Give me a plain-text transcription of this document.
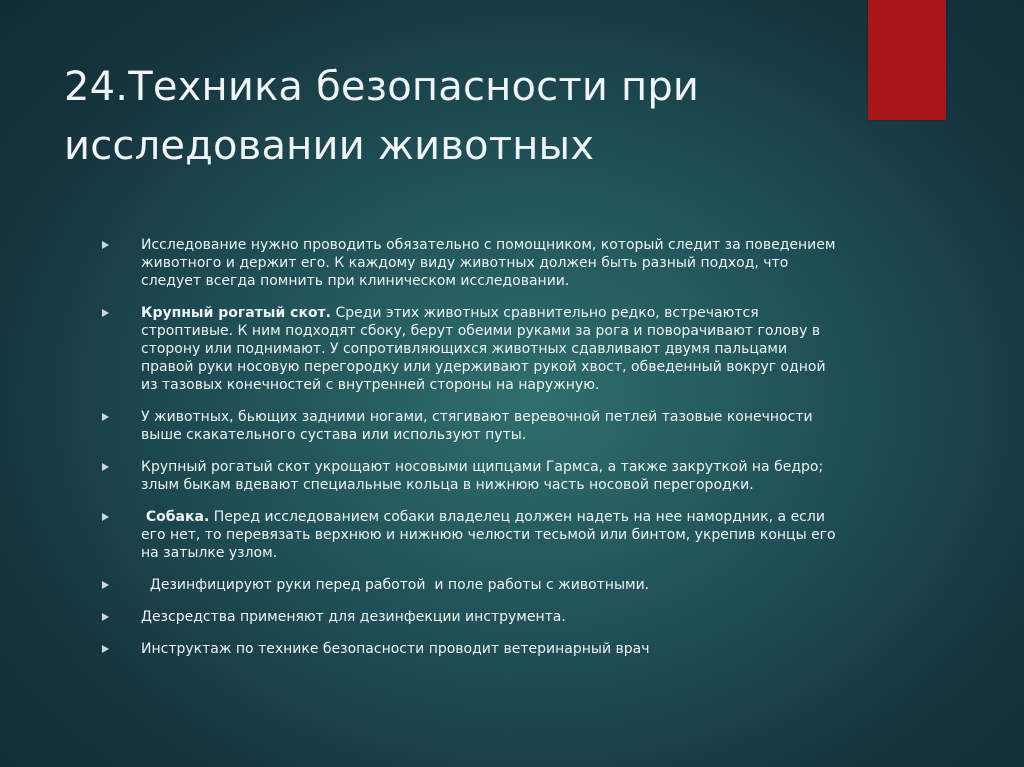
24.Техника безопасности при
исследовании животных
Исследование нужно проводить обязательно с помощником, который следит за поведением животного и держит его. К каждому виду животных должен быть разный подход, что следует всегда помнить при клиническом исследовании.
Крупный рогатый скот. Среди этих животных сравнительно редко, встречаются строптивые. К ним подходят сбоку, берут обеими руками за рога и поворачивают голову в сторону или поднимают. У сопротивляющихся животных сдавливают двумя пальцами правой руки носовую перегородку или удерживают рукой хвост, обведенный вокруг одной из тазовых конечностей с внутренней стороны на наружную.
У животных, бьющих задними ногами, стягивают веревочной петлей тазовые конечности выше скакательного сустава или используют путы.
Крупный рогатый скот укрощают носовыми щипцами Гармса, а также закруткой на бедро; злым быкам вдевают специальные кольца в нижнюю часть носовой перегородки.
Собака. Перед исследованием собаки владелец должен надеть на нее намордник, а если его нет, то перевязать верхнюю и нижнюю челюсти тесьмой или бинтом, укрепив концы его на затылке узлом.
Дезинфицируют руки перед работой  и поле работы с животными.
Дезсредства применяют для дезинфекции инструмента.
Инструктаж по технике безопасности проводит ветеринарный врач
